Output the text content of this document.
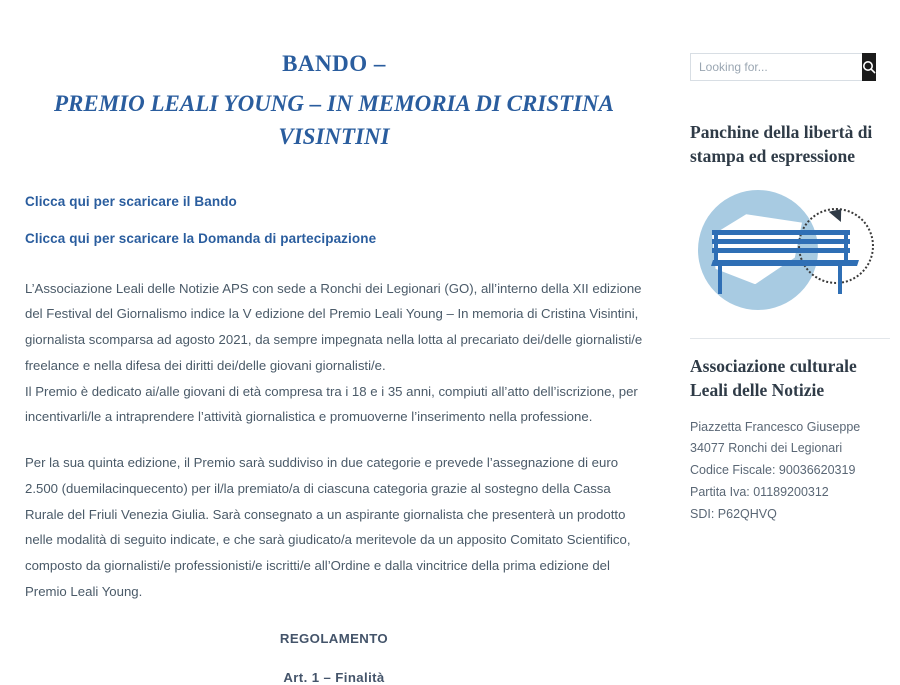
BANDO –
PREMIO LEALI YOUNG – IN MEMORIA DI CRISTINA VISINTINI
Clicca qui per scaricare il Bando
Clicca qui per scaricare la Domanda di partecipazione

L’Associazione Leali delle Notizie APS con sede a Ronchi dei Legionari (GO), all’interno della XII edizione del Festival del Giornalismo indice la V edizione del Premio Leali Young – In memoria di Cristina Visintini, giornalista scomparsa ad agosto 2021, da sempre impegnata nella lotta al precariato dei/delle giornalisti/e freelance e nella difesa dei diritti dei/delle giovani giornalisti/e.

Il Premio è dedicato ai/alle giovani di età compresa tra i 18 e i 35 anni, compiuti all’atto dell’iscrizione, per incentivarli/le a intraprendere l’attività giornalistica e promuoverne l’inserimento nella professione.

Per la sua quinta edizione, il Premio sarà suddiviso in due categorie e prevede l’assegnazione di euro 2.500 (duemilacinquecento) per il/la premiato/a di ciascuna categoria grazie al sostegno della Cassa Rurale del Friuli Venezia Giulia. Sarà consegnato a un aspirante giornalista che presenterà un prodotto nelle modalità di seguito indicate, e che sarà giudicato/a meritevole da un apposito Comitato Scientifico, composto da giornalisti/e professionisti/e iscritti/e all’Ordine e dalla vincitrice della prima edizione del Premio Leali Young.

REGOLAMENTO
Art. 1 – Finalità
Looking for...
Panchine della libertà di stampa ed espressione
Associazione culturale Leali delle Notizie
Piazzetta Francesco Giuseppe
34077 Ronchi dei Legionari
Codice Fiscale: 90036620319
Partita Iva: 01189200312
SDI: P62QHVQ
